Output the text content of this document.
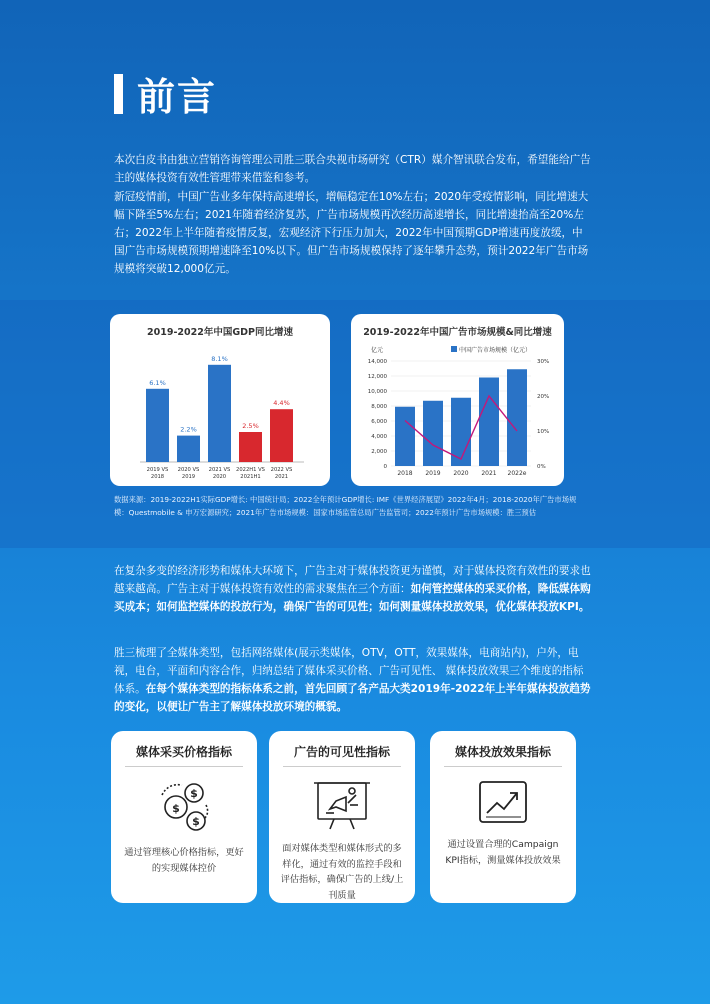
前言
本次白皮书由独立营销咨询管理公司胜三联合央视市场研究（CTR）媒介智讯联合发布，希望能给广告主的媒体投资有效性管理带来借鉴和参考。
新冠疫情前，中国广告业多年保持高速增长，增幅稳定在10%左右；2020年受疫情影响，同比增速大幅下降至5%左右；2021年随着经济复苏，广告市场规模再次经历高速增长，同比增速抬高至20%左右；2022年上半年随着疫情反复，宏观经济下行压力加大，2022年中国预期GDP增速再度放缓，中国广告市场规模预期增速降至10%以下。但广告市场规模保持了逐年攀升态势，预计2022年广告市场规模将突破12,000亿元。
2019-2022年中国GDP同比增速
6.1%
2019 VS
2018
2.2%
2020 VS
2019
8.1%
2021 VS
2020
2.5%
2022H1 VS
2021H1
4.4%
2022 VS
2021
2019-2022年中国广告市场规模&同比增速
亿元	中国广告市场规模（亿元）
0
2,000
4,000
6,000
8,000
10,000
12,000
14,000
0%
10%
20%
30%
2018 2019 2020 2021 2022e
数据来源：2019-2022H1实际GDP增长: 中国统计局；2022全年预计GDP增长: IMF《世界经济展望》2022年4月；2018-2020年广告市场规模：Questmobile & 申万宏源研究；2021年广告市场规模：国家市场监管总局广告监管司；2022年预计广告市场规模：胜三预估
在复杂多变的经济形势和媒体大环境下，广告主对于媒体投资更为谨慎，对于媒体投资有效性的要求也越来越高。广告主对于媒体投资有效性的需求聚焦在三个方面：如何管控媒体的采买价格，降低媒体购买成本；如何监控媒体的投放行为，确保广告的可见性；如何测量媒体投放效果，优化媒体投放KPI。
胜三梳理了全媒体类型，包括网络媒体(展示类媒体，OTV，OTT，效果媒体，电商站内)，户外，电视，电台，平面和内容合作，归纳总结了媒体采买价格、广告可见性、 媒体投放效果三个维度的指标体系。在每个媒体类型的指标体系之前，首先回顾了各产品大类2019年-2022年上半年媒体投放趋势的变化，以便让广告主了解媒体投放环境的概貌。
媒体采买价格指标
$
$
$
通过管理核心价格指标，更好的实现媒体控价
广告的可见性指标
面对媒体类型和媒体形式的多样化，通过有效的监控手段和评估指标，确保广告的上线/上刊质量
媒体投放效果指标
通过设置合理的Campaign KPI指标，测量媒体投放效果
